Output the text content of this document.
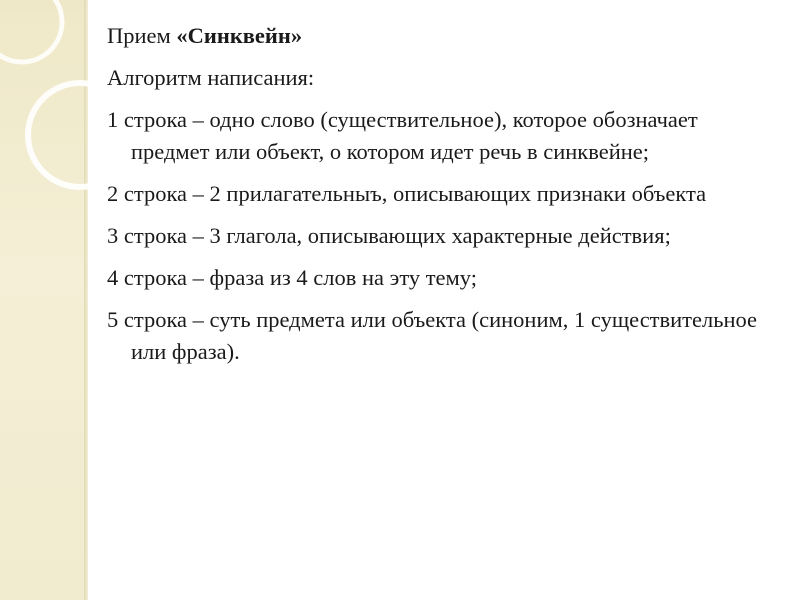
Прием «Синквейн»

Алгоритм написания:

1 строка – одно слово (существительное), которое обозначает предмет или объект, о котором идет речь в синквейне;

2 строка – 2 прилагательныъ, описывающих признаки объекта

3 строка – 3 глагола, описывающих характерные действия;

4 строка – фраза из 4 слов на эту тему;

5 строка – суть предмета или объекта (синоним, 1 существительное или фраза).
